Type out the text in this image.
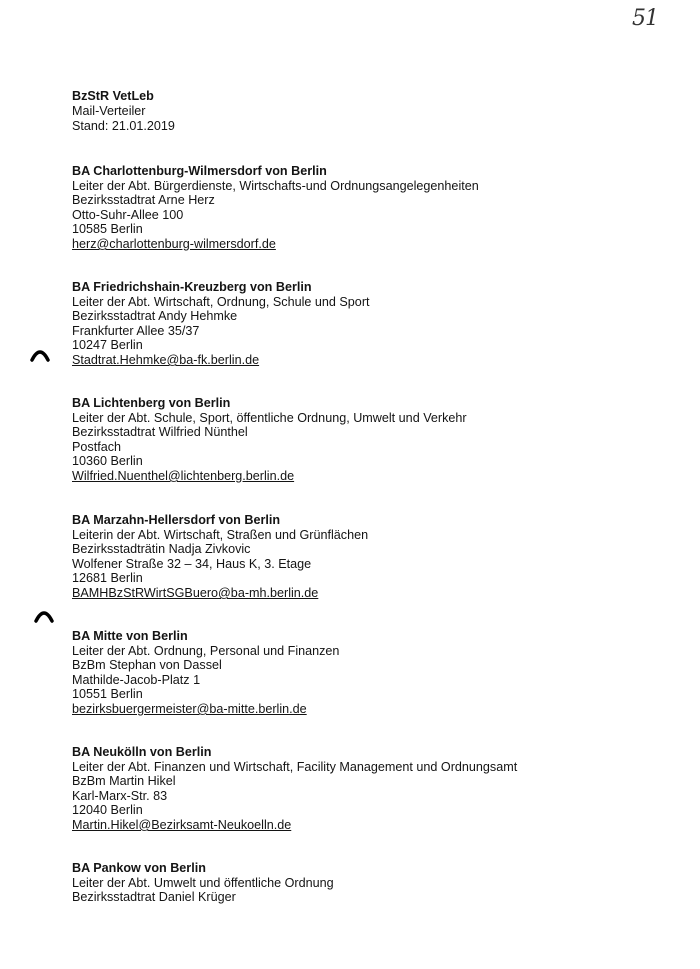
51
BzStR VetLeb
Mail-Verteiler
Stand: 21.01.2019
BA Charlottenburg-Wilmersdorf von Berlin
Leiter der Abt. Bürgerdienste, Wirtschafts-und Ordnungsangelegenheiten
Bezirksstadtrat Arne Herz
Otto-Suhr-Allee 100
10585 Berlin
herz@charlottenburg-wilmersdorf.de
BA Friedrichshain-Kreuzberg von Berlin
Leiter der Abt. Wirtschaft, Ordnung, Schule und Sport
Bezirksstadtrat Andy Hehmke
Frankfurter Allee 35/37
10247 Berlin
Stadtrat.Hehmke@ba-fk.berlin.de
BA Lichtenberg von Berlin
Leiter der Abt. Schule, Sport, öffentliche Ordnung, Umwelt und Verkehr
Bezirksstadtrat Wilfried Nünthel
Postfach
10360 Berlin
Wilfried.Nuenthel@lichtenberg.berlin.de
BA Marzahn-Hellersdorf von Berlin
Leiterin der Abt. Wirtschaft, Straßen und Grünflächen
Bezirksstadträtin Nadja Zivkovic
Wolfener Straße 32 – 34, Haus K, 3. Etage
12681 Berlin
BAMHBzStRWirtSGBuero@ba-mh.berlin.de
BA Mitte von Berlin
Leiter der Abt. Ordnung, Personal und Finanzen
BzBm Stephan von Dassel
Mathilde-Jacob-Platz 1
10551 Berlin
bezirksbuergermeister@ba-mitte.berlin.de
BA Neukölln von Berlin
Leiter der Abt. Finanzen und Wirtschaft, Facility Management und Ordnungsamt
BzBm Martin Hikel
Karl-Marx-Str. 83
12040 Berlin
Martin.Hikel@Bezirksamt-Neukoelln.de
BA Pankow von Berlin
Leiter der Abt. Umwelt und öffentliche Ordnung
Bezirksstadtrat Daniel Krüger
